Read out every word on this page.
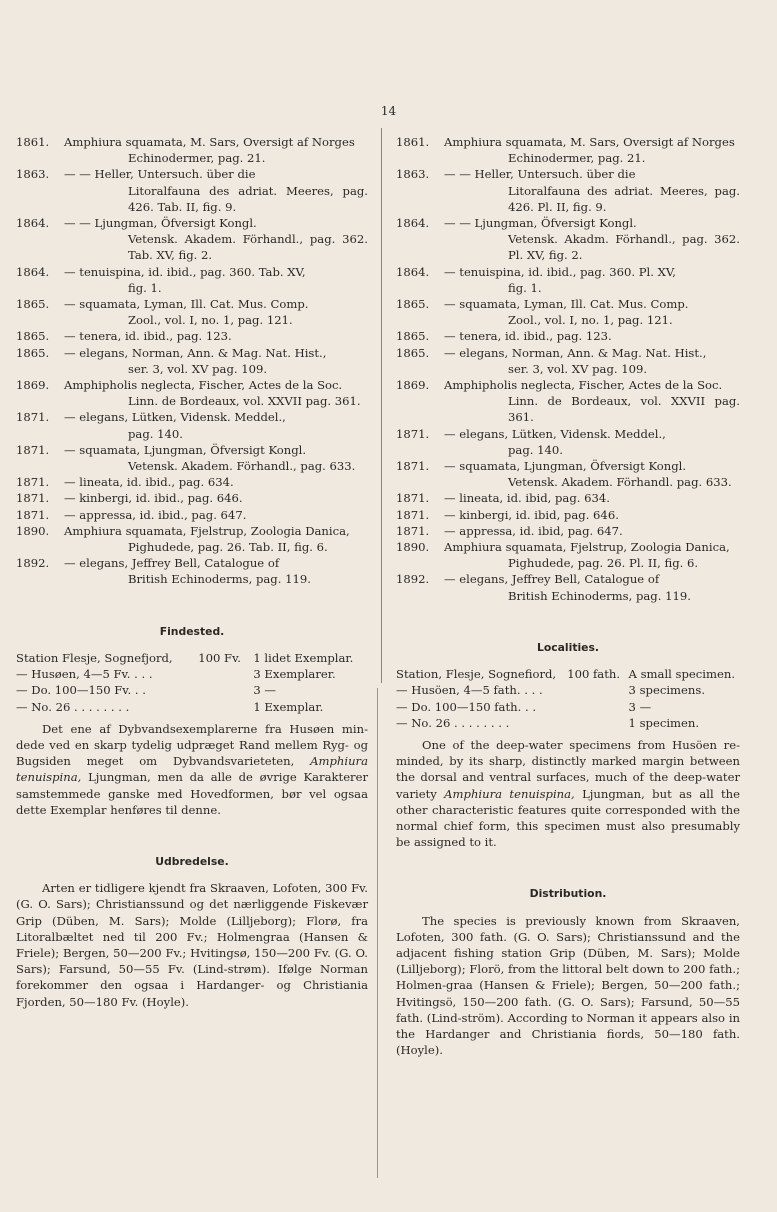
14
1861. Amphiura squamata, M. Sars, Oversigt af Norges
Echinodermer, pag. 21.
1863. — — Heller, Untersuch. über die
Litoralfauna des adriat. Meeres, pag. 426. Tab. II, fig. 9.
1864. — — Ljungman, Öfversigt Kongl.
Vetensk. Akadem. Förhandl., pag. 362. Tab. XV, fig. 2.
1864. — tenuispina, id. ibid., pag. 360. Tab. XV,
fig. 1.
1865. — squamata, Lyman, Ill. Cat. Mus. Comp.
Zool., vol. I, no. 1, pag. 121.
1865. — tenera, id. ibid., pag. 123.
1865. — elegans, Norman, Ann. & Mag. Nat. Hist.,
ser. 3, vol. XV pag. 109.
1869. Amphipholis neglecta, Fischer, Actes de la Soc.
Linn. de Bordeaux, vol. XXVII pag. 361.
1871. — elegans, Lütken, Vidensk. Meddel.,
pag. 140.
1871. — squamata, Ljungman, Öfversigt Kongl.
Vetensk. Akadem. Förhandl., pag. 633.
1871. — lineata, id. ibid., pag. 634.
1871. — kinbergi, id. ibid., pag. 646.
1871. — appressa, id. ibid., pag. 647.
1890. Amphiura squamata, Fjelstrup, Zoologia Danica,
Pighudede, pag. 26. Tab. II, fig. 6.
1892. — elegans, Jeffrey Bell, Catalogue of
British Echinoderms, pag. 119.
Findested.
Station Flesje, Sognefjord,	100 Fv.	1 lidet Exemplar.
— Husøen, 4—5 Fv. . . .		3 Exemplarer.
— Do. 100—150 Fv. . .		3 —
— No. 26 . . . . . . . .		1 Exemplar.

Det ene af Dybvandsexemplarerne fra Husøen min-dede ved en skarp tydelig udpræget Rand mellem Ryg- og Bugsiden meget om Dybvandsvarieteten, Amphiura tenuispina, Ljungman, men da alle de øvrige Karakterer samstemmede ganske med Hovedformen, bør vel ogsaa dette Exemplar henføres til denne.

Udbredelse.

Arten er tidligere kjendt fra Skraaven, Lofoten, 300 Fv. (G. O. Sars); Christianssund og det nærliggende Fiskevær Grip (Düben, M. Sars); Molde (Lilljeborg); Florø, fra Litoralbæltet ned til 200 Fv.; Holmengraa (Hansen & Friele); Bergen, 50—200 Fv.; Hvitingsø, 150—200 Fv. (G. O. Sars); Farsund, 50—55 Fv. (Lind-strøm). Ifølge Norman forekommer den ogsaa i Hardanger- og Christiania Fjorden, 50—180 Fv. (Hoyle).

1861. Amphiura squamata, M. Sars, Oversigt af Norges
Echinodermer, pag. 21.
1863. — — Heller, Untersuch. über die
Litoralfauna des adriat. Meeres, pag. 426. Pl. II, fig. 9.
1864. — — Ljungman, Öfversigt Kongl.
Vetensk. Akadm. Förhandl., pag. 362. Pl. XV, fig. 2.
1864. — tenuispina, id. ibid., pag. 360. Pl. XV,
fig. 1.
1865. — squamata, Lyman, Ill. Cat. Mus. Comp.
Zool., vol. I, no. 1, pag. 121.
1865. — tenera, id. ibid., pag. 123.
1865. — elegans, Norman, Ann. & Mag. Nat. Hist.,
ser. 3, vol. XV pag. 109.
1869. Amphipholis neglecta, Fischer, Actes de la Soc.
Linn. de Bordeaux, vol. XXVII pag. 361.
1871. — elegans, Lütken, Vidensk. Meddel.,
pag. 140.
1871. — squamata, Ljungman, Öfversigt Kongl.
Vetensk. Akadem. Förhandl. pag. 633.
1871. — lineata, id. ibid, pag. 634.
1871. — kinbergi, id. ibid, pag. 646.
1871. — appressa, id. ibid, pag. 647.
1890. Amphiura squamata, Fjelstrup, Zoologia Danica,
Pighudede, pag. 26. Pl. II, fig. 6.
1892. — elegans, Jeffrey Bell, Catalogue of
British Echinoderms, pag. 119.
Localities.
Station, Flesje, Sognefiord,	100 fath.	A small specimen.
— Husöen, 4—5 fath. . . .		3 specimens.
— Do. 100—150 fath. . .		3 —
— No. 26 . . . . . . . .		1 specimen.

One of the deep-water specimens from Husöen re-minded, by its sharp, distinctly marked margin between the dorsal and ventral surfaces, much of the deep-water variety Amphiura tenuispina, Ljungman, but as all the other characteristic features quite corresponded with the normal chief form, this specimen must also presumably be assigned to it.

Distribution.

The species is previously known from Skraaven, Lofoten, 300 fath. (G. O. Sars); Christianssund and the adjacent fishing station Grip (Düben, M. Sars); Molde (Lilljeborg); Florö, from the littoral belt down to 200 fath.; Holmen-graa (Hansen & Friele); Bergen, 50—200 fath.; Hvitingsö, 150—200 fath. (G. O. Sars); Farsund, 50—55 fath. (Lind-ström). According to Norman it appears also in the Hardanger and Christiania fiords, 50—180 fath. (Hoyle).
